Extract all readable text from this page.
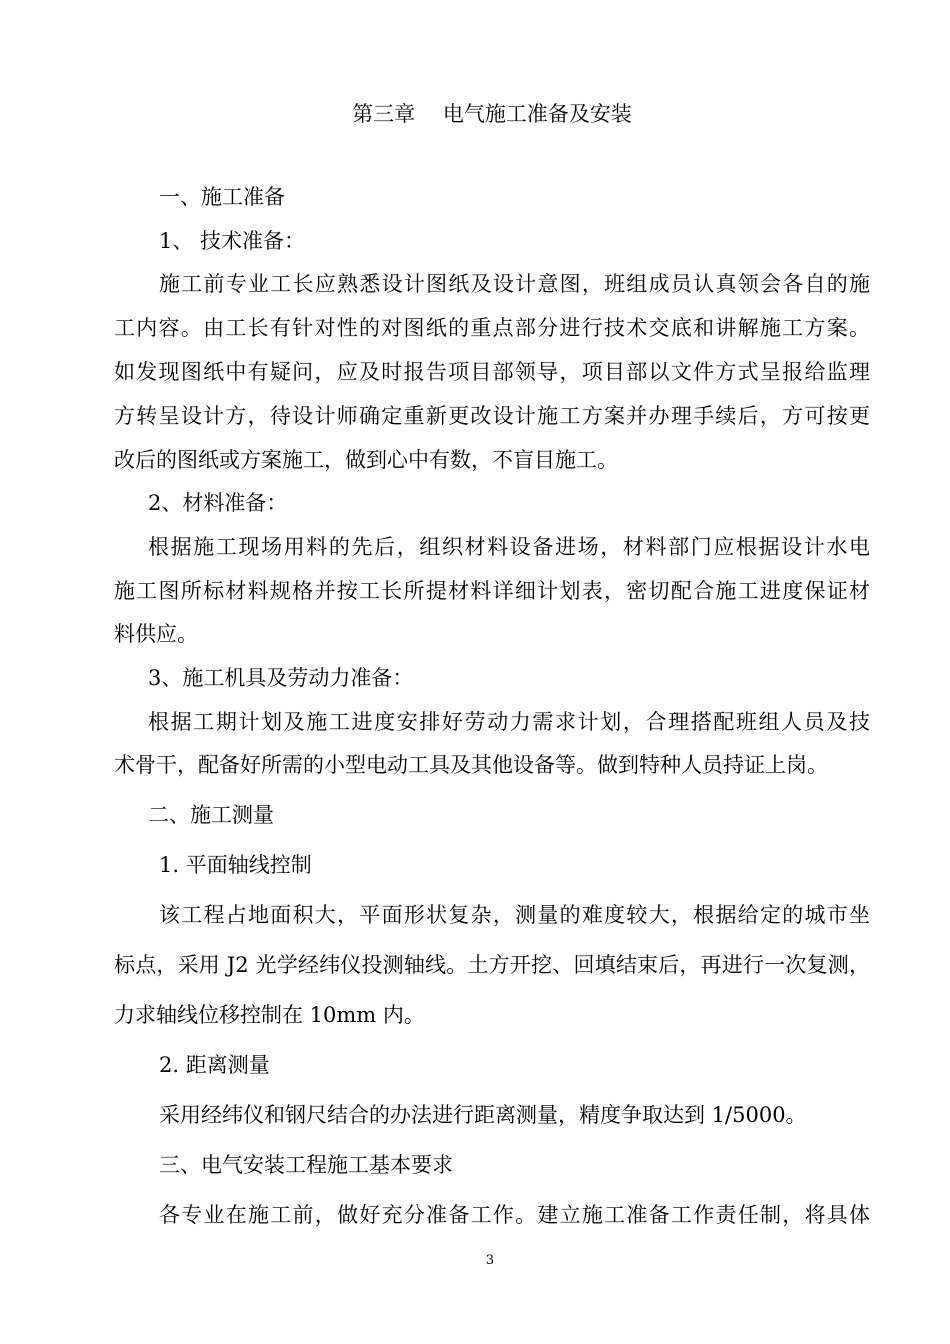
第三章　 电气施工准备及安装
一、施工准备
1、 技术准备：
施工前专业工长应熟悉设计图纸及设计意图，班组成员认真领会各自的施
工内容。由工长有针对性的对图纸的重点部分进行技术交底和讲解施工方案。
如发现图纸中有疑问，应及时报告项目部领导，项目部以文件方式呈报给监理
方转呈设计方，待设计师确定重新更改设计施工方案并办理手续后，方可按更
改后的图纸或方案施工，做到心中有数，不盲目施工。
2、材料准备：
根据施工现场用料的先后，组织材料设备进场，材料部门应根据设计水电
施工图所标材料规格并按工长所提材料详细计划表，密切配合施工进度保证材
料供应。
3、施工机具及劳动力准备：
根据工期计划及施工进度安排好劳动力需求计划，合理搭配班组人员及技
术骨干，配备好所需的小型电动工具及其他设备等。做到特种人员持证上岗。
二、施工测量
1. 平面轴线控制
该工程占地面积大，平面形状复杂，测量的难度较大，根据给定的城市坐
标点，采用 J2 光学经纬仪投测轴线。土方开挖、回填结束后，再进行一次复测，
力求轴线位移控制在 10mm 内。
2. 距离测量
采用经纬仪和钢尺结合的办法进行距离测量，精度争取达到 1/5000。
三、电气安装工程施工基本要求
各专业在施工前，做好充分准备工作。建立施工准备工作责任制，将具体
3
